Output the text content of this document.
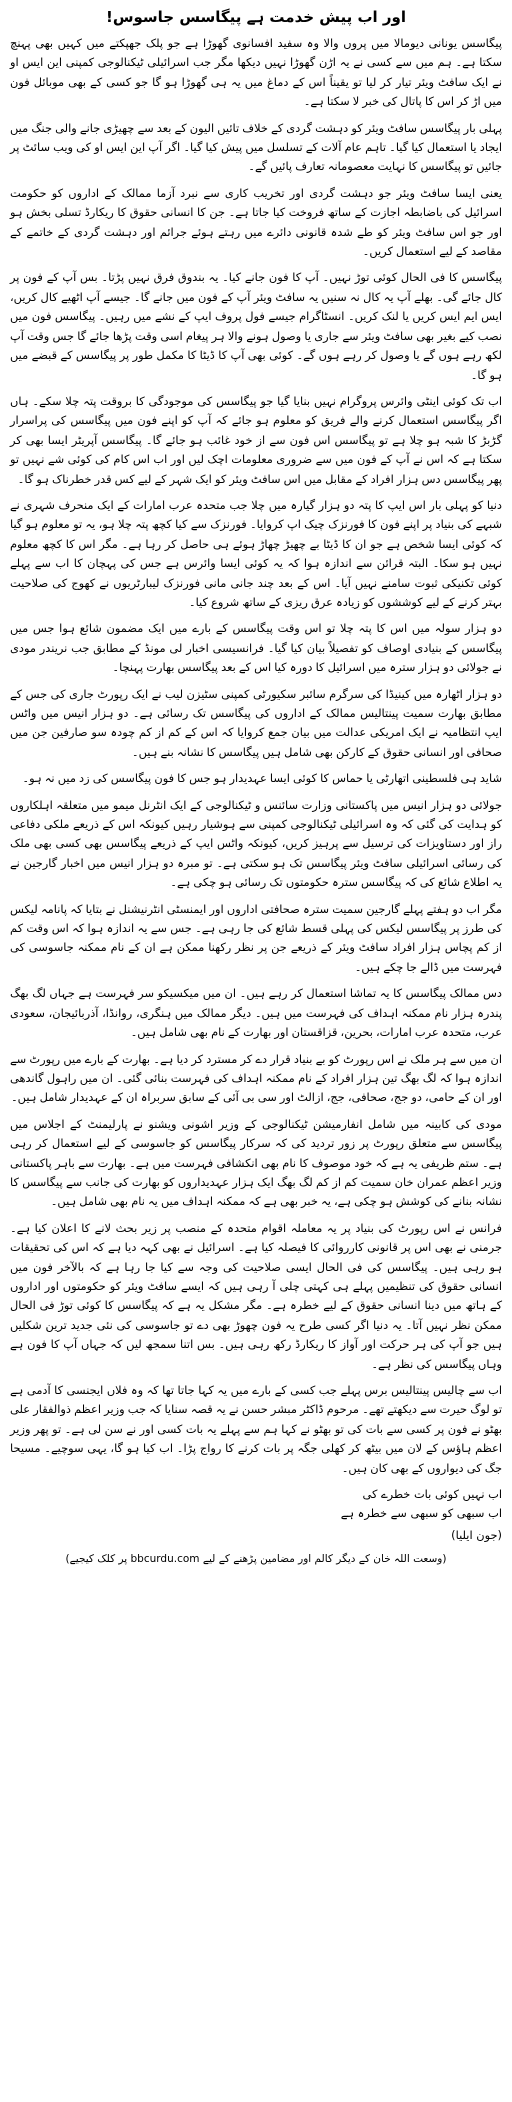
اور اب پیش خدمت ہے پیگاسس جاسوس!

پیگاسس یونانی دیومالا میں پروں والا وہ سفید افسانوی گھوڑا ہے جو پلک جھپکتے میں کہیں بھی پہنچ سکتا ہے۔ ہم میں سے کسی نے یہ اڑن گھوڑا نہیں دیکھا مگر جب اسرائیلی ٹیکنالوجی کمپنی این ایس او نے ایک سافٹ ویئر تیار کر لیا تو یقیناً اس کے دماغ میں یہ ہی گھوڑا ہو گا جو کسی کے بھی موبائل فون میں اڑ کر اس کا پاتال کی خبر لا سکتا ہے۔

پہلی بار پیگاسس سافٹ ویئر کو دہشت گردی کے خلاف تائیں الیون کے بعد سے چھیڑی جانے والی جنگ میں ایجاد یا استعمال کیا گیا۔ تاہم عام آلات کے تسلسل میں پیش کیا گیا۔ اگر آپ این ایس او کی ویب سائٹ پر جائیں تو پیگاسس کا نہایت معصومانہ تعارف پائیں گے۔

یعنی ایسا سافٹ ویئر جو دہشت گردی اور تخریب کاری سے نبرد آزما ممالک کے اداروں کو حکومت اسرائیل کی باضابطہ اجازت کے ساتھ فروخت کیا جاتا ہے۔ جن کا انسانی حقوق کا ریکارڈ تسلی بخش ہو اور جو اس سافٹ ویئر کو طے شدہ قانونی دائرے میں رہتے ہوئے جرائم اور دہشت گردی کے خاتمے کے مقاصد کے لیے استعمال کریں۔

پیگاسس کا فی الحال کوئی توڑ نہیں۔ آپ کا فون جانے کیا۔ یہ بندوق فرق نہیں پڑتا۔ بس آپ کے فون پر کال جائے گی۔ بھلے آپ یہ کال نہ سنیں یہ سافٹ ویئر آپ کے فون میں جانے گا۔ جیسے آپ اٹھیے کال کریں، ایس ایم ایس کریں یا لنک کریں۔ انسٹاگرام جیسے فول پروف ایپ کے نشے میں رہیں۔ پیگاسس فون میں نصب کیے بغیر بھی سافٹ ویئر سے جاری یا وصول ہونے والا ہر پیغام اسی وقت پڑھا جائے گا جس وقت آپ لکھ رہے ہوں گے یا وصول کر رہے ہوں گے۔ کوئی بھی آپ کا ڈیٹا کا مکمل طور پر پیگاسس کے قبضے میں ہو گا۔

اب تک کوئی اینٹی وائرس پروگرام نہیں بنایا گیا جو پیگاسس کی موجودگی کا بروقت پتہ چلا سکے۔ ہاں اگر پیگاسس استعمال کرنے والے فریق کو معلوم ہو جائے کہ آپ کو اپنے فون میں پیگاسس کی پراسرار گڑبڑ کا شبہ ہو چلا ہے تو پیگاسس اس فون سے از خود غائب ہو جائے گا۔ پیگاسس آپریٹر ایسا بھی کر سکتا ہے کہ اس نے آپ کے فون میں سے ضروری معلومات اچک لیں اور اب اس کام کی کوئی شے نہیں تو پھر پیگاسس دس ہزار افراد کے مقابل میں اس سافٹ ویئر کو ایک شہر کے لیے کس قدر خطرناک ہو گا۔

دنیا کو پہلی بار اس ایپ کا پتہ دو ہزار گیارہ میں چلا جب متحدہ عرب امارات کے ایک منحرف شہری نے شبہے کی بنیاد پر اپنے فون کا فورنزک چیک اپ کروایا۔ فورنزک سے کیا کچھ پتہ چلا ہو، یہ تو معلوم ہو گیا کہ کوئی ایسا شخص ہے جو ان کا ڈیٹا بے چھیڑ چھاڑ ہوئے ہی حاصل کر رہا ہے۔ مگر اس کا کچھ معلوم نہیں ہو سکا۔ البتہ قرائن سے اندازہ ہوا کہ یہ کوئی ایسا وائرس ہے جس کی پہچان کا اب سے پہلے کوئی تکنیکی ثبوت سامنے نہیں آیا۔ اس کے بعد چند جانی مانی فورنزک لیبارٹریوں نے کھوج کی صلاحیت بہتر کرنے کے لیے کوششوں کو زیادہ عرق ریزی کے ساتھ شروع کیا۔

دو ہزار سولہ میں اس کا پتہ چلا تو اس وقت پیگاسس کے بارے میں ایک مضمون شائع ہوا جس میں پیگاسس کے بنیادی اوصاف کو تفصیلاً بیان کیا گیا۔ فرانسیسی اخبار لی مونڈ کے مطابق جب نریندر مودی نے جولائی دو ہزار سترہ میں اسرائیل کا دورہ کیا اس کے بعد پیگاسس بھارت پہنچا۔

دو ہزار اٹھارہ میں کینیڈا کی سرگرم سائبر سکیورٹی کمپنی سٹیزن لیب نے ایک رپورٹ جاری کی جس کے مطابق بھارت سمیت پینتالیس ممالک کے اداروں کی پیگاسس تک رسائی ہے۔ دو ہزار انیس میں واٹس ایپ انتظامیہ نے ایک امریکی عدالت میں بیان جمع کروایا کہ اس کے کم از کم چودہ سو صارفین جن میں صحافی اور انسانی حقوق کے کارکن بھی شامل ہیں پیگاسس کا نشانہ بنے ہیں۔

شاید ہی فلسطینی اتھارٹی یا حماس کا کوئی ایسا عہدیدار ہو جس کا فون پیگاسس کی زد میں نہ ہو۔

جولائی دو ہزار انیس میں پاکستانی وزارت سائنس و ٹیکنالوجی کے ایک انٹرنل میمو میں متعلقہ اہلکاروں کو ہدایت کی گئی کہ وہ اسرائیلی ٹیکنالوجی کمپنی سے ہوشیار رہیں کیونکہ اس کے ذریعے ملکی دفاعی راز اور دستاویزات کی ترسیل سے پرہیز کریں، کیونکہ واٹس ایپ کے ذریعے پیگاسس بھی کسی بھی ملک کی رسائی اسرائیلی سافٹ ویئر پیگاسس تک ہو سکتی ہے۔ تو مبرہ دو ہزار انیس میں اخبار گارجین نے یہ اطلاع شائع کی کہ پیگاسس سترہ حکومتوں تک رسائی ہو چکی ہے۔

مگر اب دو ہفتے پہلے گارجین سمیت سترہ صحافتی اداروں اور ایمنسٹی انٹرنیشنل نے بتایا کہ پانامہ لیکس کی طرز پر پیگاسس لیکس کی پہلی قسط شائع کی جا رہی ہے۔ جس سے یہ اندازہ ہوا کہ اس وقت کم از کم پچاس ہزار افراد سافٹ ویئر کے ذریعے جن پر نظر رکھنا ممکن ہے ان کے نام ممکنہ جاسوسی کی فہرست میں ڈالے جا چکے ہیں۔

دس ممالک پیگاسس کا یہ تماشا استعمال کر رہے ہیں۔ ان میں میکسیکو سر فہرست ہے جہاں لگ بھگ پندرہ ہزار نام ممکنہ اہداف کی فہرست میں ہیں۔ دیگر ممالک میں ہنگری، روانڈا، آذربائیجان، سعودی عرب، متحدہ عرب امارات، بحرین، قزاقستان اور بھارت کے نام بھی شامل ہیں۔

ان میں سے ہر ملک نے اس رپورٹ کو بے بنیاد قرار دے کر مسترد کر دیا ہے۔ بھارت کے بارے میں رپورٹ سے اندازہ ہوا کہ لگ بھگ تین ہزار افراد کے نام ممکنہ اہداف کی فہرست بنائی گئی۔ ان میں راہول گاندھی اور ان کے حامی، دو جج، صحافی، جج، ازالٹ اور سی بی آئی کے سابق سربراہ ان کے عہدیدار شامل ہیں۔

مودی کی کابینہ میں شامل انفارمیشن ٹیکنالوجی کے وزیر اشونی ویشنو نے پارلیمنٹ کے اجلاس میں پیگاسس سے متعلق رپورٹ پر زور تردید کی کہ سرکار پیگاسس کو جاسوسی کے لیے استعمال کر رہی ہے۔ ستم ظریفی یہ ہے کہ خود موصوف کا نام بھی انکشافی فہرست میں ہے۔ بھارت سے باہر پاکستانی وزیر اعظم عمران خان سمیت کم از کم لگ بھگ ایک ہزار عہدیداروں کو بھارت کی جانب سے پیگاسس کا نشانہ بنانے کی کوشش ہو چکی ہے، یہ خبر بھی ہے کہ ممکنہ اہداف میں یہ نام بھی شامل ہیں۔

فرانس نے اس رپورٹ کی بنیاد پر یہ معاملہ اقوام متحدہ کے منصب پر زیر بحث لانے کا اعلان کیا ہے۔ جرمنی نے بھی اس پر قانونی کارروائی کا فیصلہ کیا ہے۔ اسرائیل نے بھی کہہ دیا ہے کہ اس کی تحقیقات ہو رہی ہیں۔ پیگاسس کی فی الحال ایسی صلاحیت کی وجہ سے کیا جا رہا ہے کہ بالآخر فون میں انسانی حقوق کی تنظیمیں پہلے ہی کہتی چلی آ رہی ہیں کہ ایسے سافٹ ویئر کو حکومتوں اور اداروں کے ہاتھ میں دینا انسانی حقوق کے لیے خطرہ ہے۔ مگر مشکل یہ ہے کہ پیگاسس کا کوئی توڑ فی الحال ممکن نظر نہیں آتا۔ یہ دنیا اگر کسی طرح یہ فون چھوڑ بھی دے تو جاسوسی کی نئی جدید ترین شکلیں ہیں جو آپ کی ہر حرکت اور آواز کا ریکارڈ رکھ رہی ہیں۔ بس اتنا سمجھ لیں کہ جہاں آپ کا فون ہے وہاں پیگاسس کی نظر ہے۔

اب سے چالیس پینتالیس برس پہلے جب کسی کے بارے میں یہ کہا جاتا تھا کہ وہ فلاں ایجنسی کا آدمی ہے تو لوگ حیرت سے دیکھتے تھے۔ مرحوم ڈاکٹر مبشر حسن نے یہ قصہ سنایا کہ جب وزیر اعظم ذوالفقار علی بھٹو نے فون پر کسی سے بات کی تو بھٹو نے کہا ہم سے پہلے یہ بات کسی اور نے سن لی ہے۔ تو پھر وزیر اعظم ہاؤس کے لان میں بیٹھ کر کھلی جگہ پر بات کرنے کا رواج پڑا۔ اب کیا ہو گا، یہی سوچیے۔ مسیحا جگ کی دیواروں کے بھی کان ہیں۔

اب نہیں کوئی بات خطرے کی
اب سبھی کو سبھی سے خطرہ ہے
(جون ایلیا)
(وسعت اللہ خان کے دیگر کالم اور مضامین پڑھنے کے لیے bbcurdu.com پر کلک کیجیے)
